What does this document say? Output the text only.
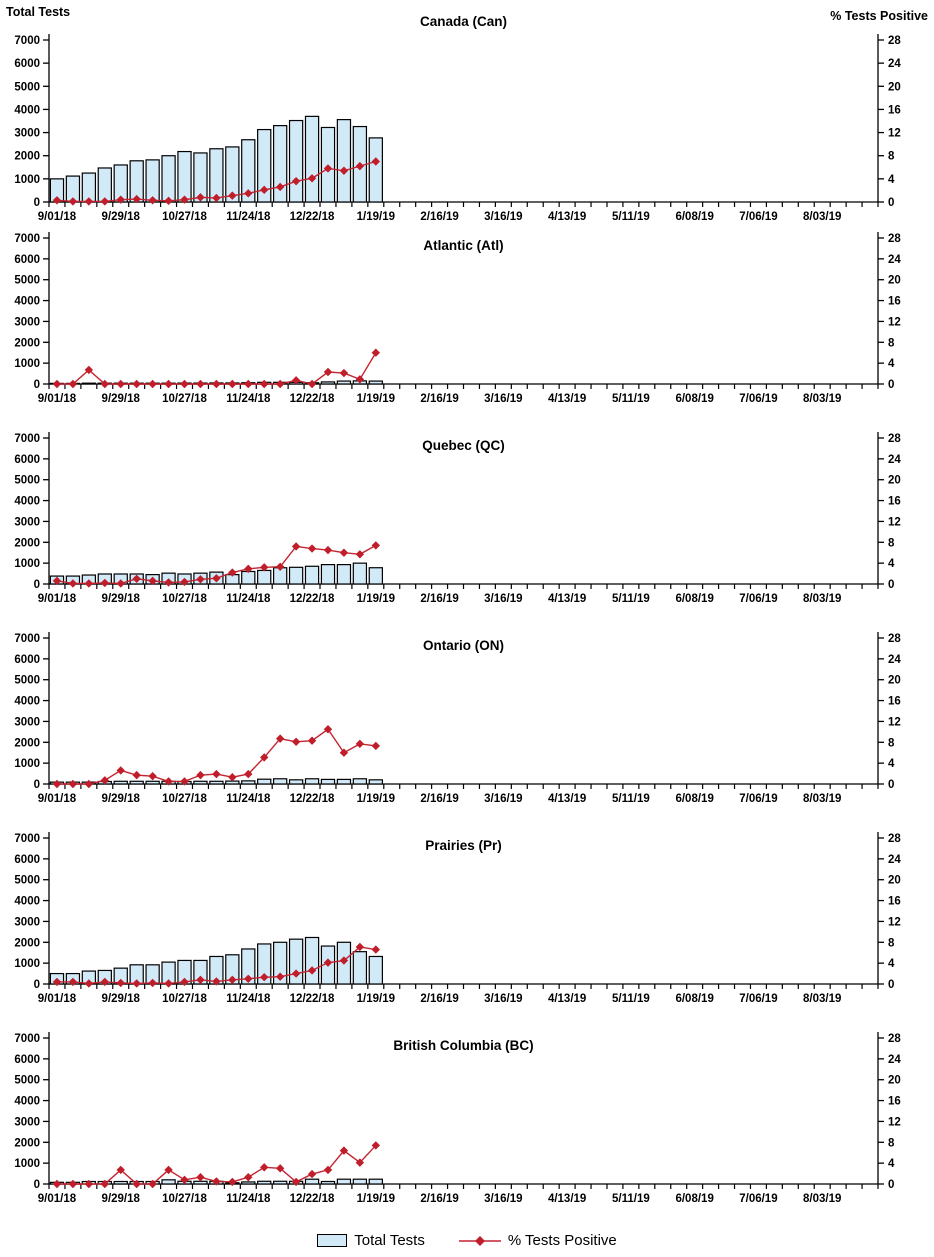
Total Tests	% Tests Positive
Canada (Can)
0
1000
2000
3000
4000
5000
6000
7000
0
4
8
12
16
20
24
28
9/01/18 9/29/18 10/27/18 11/24/18 12/22/18 1/19/19 2/16/19 3/16/19 4/13/19 5/11/19 6/08/19 7/06/19 8/03/19
Atlantic (Atl)
0
1000
2000
3000
4000
5000
6000
7000
0
4
8
12
16
20
24
28
9/01/18 9/29/18 10/27/18 11/24/18 12/22/18 1/19/19 2/16/19 3/16/19 4/13/19 5/11/19 6/08/19 7/06/19 8/03/19
Quebec (QC)
0
1000
2000
3000
4000
5000
6000
7000
0
4
8
12
16
20
24
28
9/01/18 9/29/18 10/27/18 11/24/18 12/22/18 1/19/19 2/16/19 3/16/19 4/13/19 5/11/19 6/08/19 7/06/19 8/03/19
Ontario (ON)
0
1000
2000
3000
4000
5000
6000
7000
0
4
8
12
16
20
24
28
9/01/18 9/29/18 10/27/18 11/24/18 12/22/18 1/19/19 2/16/19 3/16/19 4/13/19 5/11/19 6/08/19 7/06/19 8/03/19
Prairies (Pr)
0
1000
2000
3000
4000
5000
6000
7000
0
4
8
12
16
20
24
28
9/01/18 9/29/18 10/27/18 11/24/18 12/22/18 1/19/19 2/16/19 3/16/19 4/13/19 5/11/19 6/08/19 7/06/19 8/03/19
British Columbia (BC)
0
1000
2000
3000
4000
5000
6000
7000
0
4
8
12
16
20
24
28
9/01/18 9/29/18 10/27/18 11/24/18 12/22/18 1/19/19 2/16/19 3/16/19 4/13/19 5/11/19 6/08/19 7/06/19 8/03/19
Total Tests	% Tests Positive
